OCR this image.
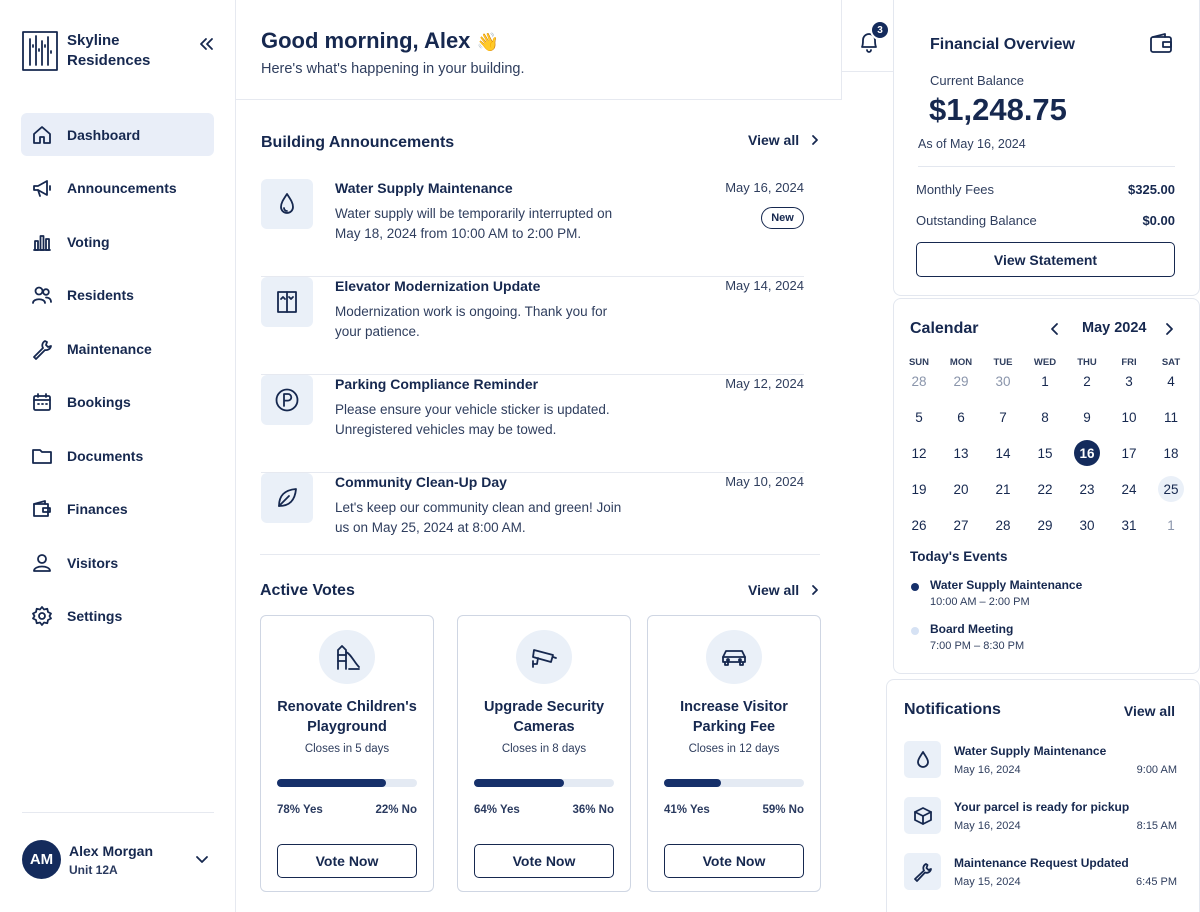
Skyline Residences
Dashboard
Announcements
Voting
Residents
Maintenance
Bookings
Documents
Finances
Visitors
Settings
AM
Alex Morgan
Unit 12A
Good morning, Alex 👋
Here's what's happening in your building.
3
Building Announcements	View all
Water Supply Maintenance
Water supply will be temporarily interrupted on May 18, 2024 from 10:00 AM to 2:00 PM.
May 16, 2024
New
Elevator Modernization Update
Modernization work is ongoing. Thank you for your patience.
May 14, 2024
Parking Compliance Reminder
Please ensure your vehicle sticker is updated. Unregistered vehicles may be towed.
May 12, 2024
Community Clean-Up Day
Let's keep our community clean and green! Join us on May 25, 2024 at 8:00 AM.
May 10, 2024
Active Votes	View all
Renovate Children's Playground
Closes in 5 days
78% Yes	22% No
Vote Now
Upgrade Security Cameras
Closes in 8 days
64% Yes	36% No
Vote Now
Increase Visitor Parking Fee
Closes in 12 days
41% Yes	59% No
Vote Now
Financial Overview
Current Balance
$1,248.75
As of May 16, 2024
Monthly Fees	$325.00
Outstanding Balance	$0.00
View Statement
Calendar	May 2024
SUN	MON	TUE	WED	THU	FRI	SAT
28	29	30	1	2	3	4
5	6	7	8	9	10	11
12	13	14	15	16	17	18
19	20	21	22	23	24	25
26	27	28	29	30	31	1
Today's Events
Water Supply Maintenance
10:00 AM – 2:00 PM
Board Meeting
7:00 PM – 8:30 PM
Notifications	View all
Water Supply Maintenance
May 16, 2024	9:00 AM
Your parcel is ready for pickup
May 16, 2024	8:15 AM
Maintenance Request Updated
May 15, 2024	6:45 PM
